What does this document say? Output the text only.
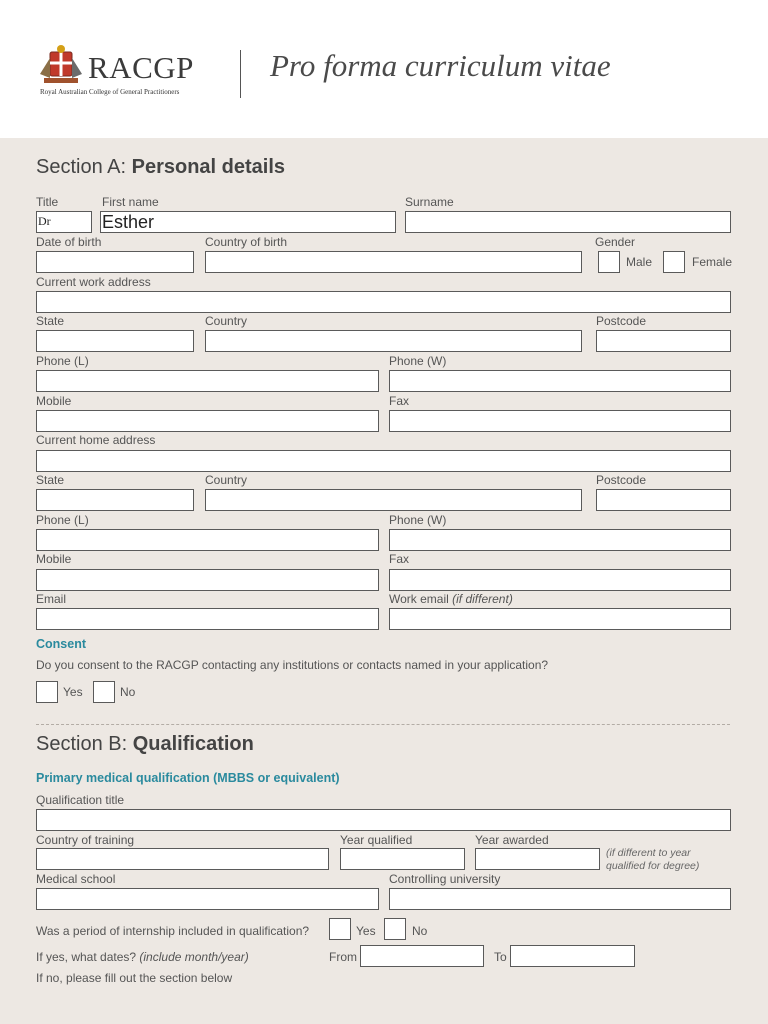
RACGP
Royal Australian College of General Practitioners
Pro forma curriculum vitae
Section A: Personal details
Title	First name	Surname
Dr	Esther
Date of birth	Country of birth	Gender
Male	Female
Current work address
State	Country	Postcode
Phone (L)	Phone (W)
Mobile	Fax
Current home address
State	Country	Postcode
Phone (L)	Phone (W)
Mobile	Fax
Email	Work email (if different)
Consent
Do you consent to the RACGP contacting any institutions or contacts named in your application?
Yes	No
Section B: Qualification
Primary medical qualification (MBBS or equivalent)
Qualification title
Country of training	Year qualified	Year awarded
(if different to year qualified for degree)
Medical school	Controlling university
Was a period of internship included in qualification?	Yes	No
If yes, what dates? (include month/year)	From	To
If no, please fill out the section below
